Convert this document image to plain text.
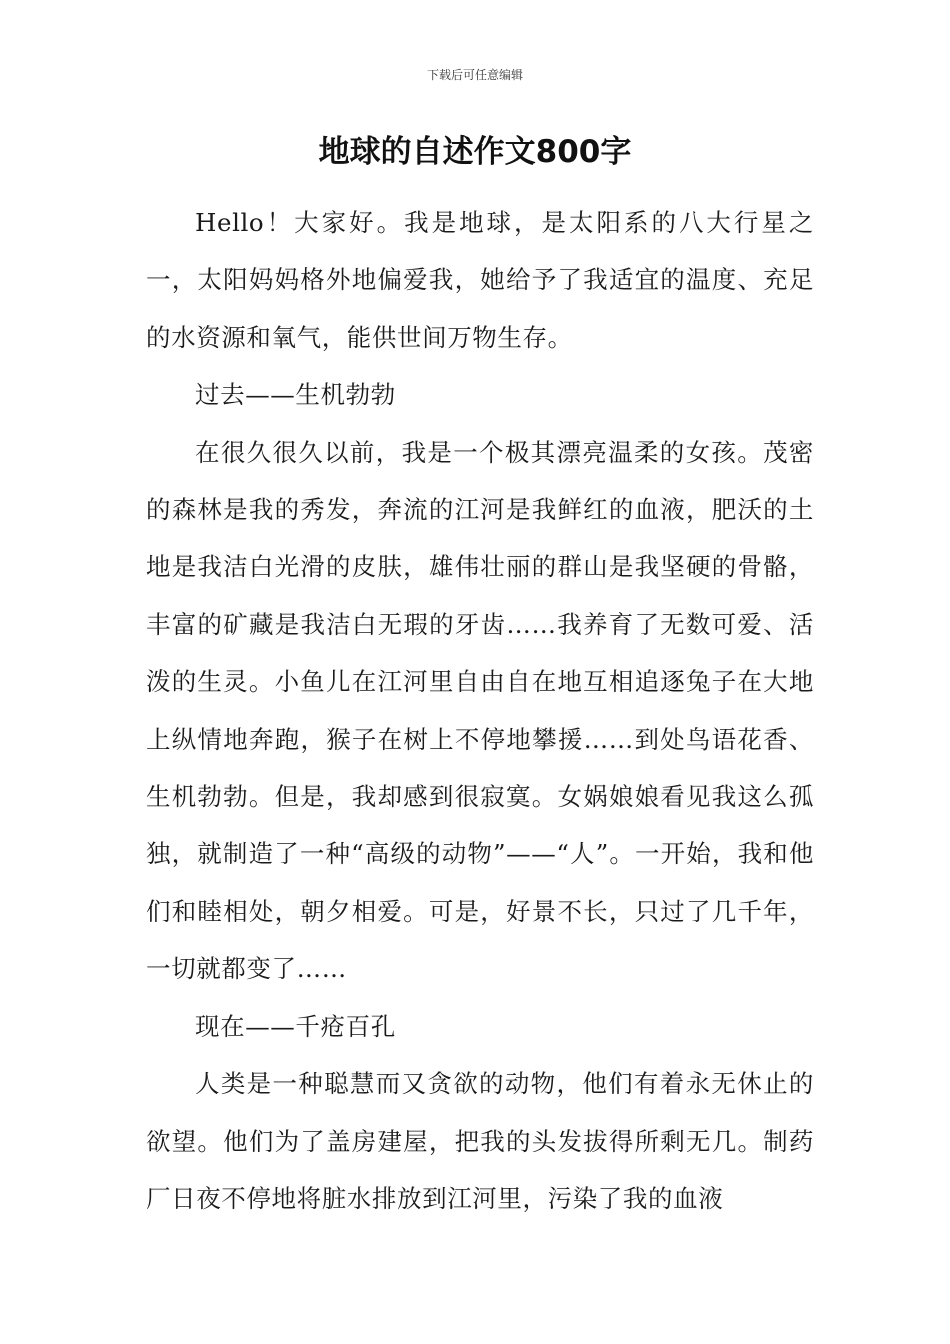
下载后可任意编辑
地球的自述作文800字

Hello！大家好。我是地球，是太阳系的八大行星之一，太阳妈妈格外地偏爱我，她给予了我适宜的温度、充足的水资源和氧气，能供世间万物生存。

过去——生机勃勃

在很久很久以前，我是一个极其漂亮温柔的女孩。茂密的森林是我的秀发，奔流的江河是我鲜红的血液，肥沃的土地是我洁白光滑的皮肤，雄伟壮丽的群山是我坚硬的骨骼，丰富的矿藏是我洁白无瑕的牙齿……我养育了无数可爱、活泼的生灵。小鱼儿在江河里自由自在地互相追逐兔子在大地上纵情地奔跑，猴子在树上不停地攀援……到处鸟语花香、生机勃勃。但是，我却感到很寂寞。女娲娘娘看见我这么孤独，就制造了一种“高级的动物”——“人”。一开始，我和他们和睦相处，朝夕相爱。可是，好景不长，只过了几千年，一切就都变了……

现在——千疮百孔

人类是一种聪慧而又贪欲的动物，他们有着永无休止的欲望。他们为了盖房建屋，把我的头发拔得所剩无几。制药厂日夜不停地将脏水排放到江河里，污染了我的血液
